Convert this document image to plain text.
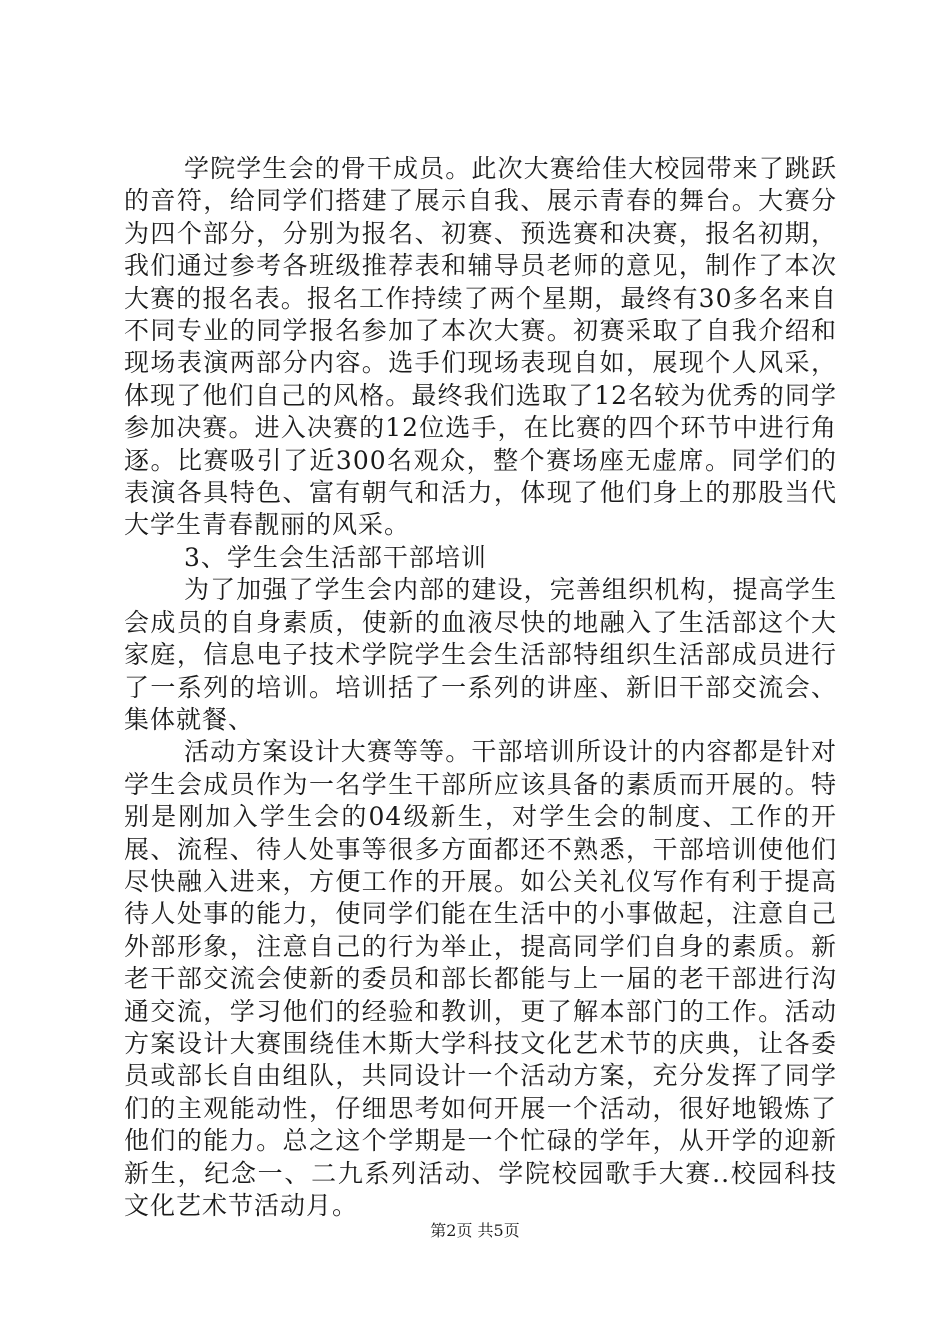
学院学生会的骨干成员。此次大赛给佳大校园带来了跳跃的音符，给同学们搭建了展示自我、展示青春的舞台。大赛分为四个部分，分别为报名、初赛、预选赛和决赛，报名初期，我们通过参考各班级推荐表和辅导员老师的意见，制作了本次大赛的报名表。报名工作持续了两个星期，最终有30多名来自不同专业的同学报名参加了本次大赛。初赛采取了自我介绍和现场表演两部分内容。选手们现场表现自如，展现个人风采，体现了他们自己的风格。最终我们选取了12名较为优秀的同学参加决赛。进入决赛的12位选手，在比赛的四个环节中进行角逐。比赛吸引了近300名观众，整个赛场座无虚席。同学们的表演各具特色、富有朝气和活力，体现了他们身上的那股当代大学生青春靓丽的风采。

3、学生会生活部干部培训

为了加强了学生会内部的建设，完善组织机构，提高学生会成员的自身素质，使新的血液尽快的地融入了生活部这个大家庭，信息电子技术学院学生会生活部特组织生活部成员进行了一系列的培训。培训括了一系列的讲座、新旧干部交流会、集体就餐、

活动方案设计大赛等等。干部培训所设计的内容都是针对学生会成员作为一名学生干部所应该具备的素质而开展的。特别是刚加入学生会的04级新生，对学生会的制度、工作的开展、流程、待人处事等很多方面都还不熟悉，干部培训使他们尽快融入进来，方便工作的开展。如公关礼仪写作有利于提高待人处事的能力，使同学们能在生活中的小事做起，注意自己外部形象，注意自己的行为举止，提高同学们自身的素质。新老干部交流会使新的委员和部长都能与上一届的老干部进行沟通交流，学习他们的经验和教训，更了解本部门的工作。活动方案设计大赛围绕佳木斯大学科技文化艺术节的庆典，让各委员或部长自由组队，共同设计一个活动方案，充分发挥了同学们的主观能动性，仔细思考如何开展一个活动，很好地锻炼了他们的能力。总之这个学期是一个忙碌的学年，从开学的迎新新生，纪念一、二九系列活动、学院校园歌手大赛..校园科技文化艺术节活动月。

第2页 共5页
